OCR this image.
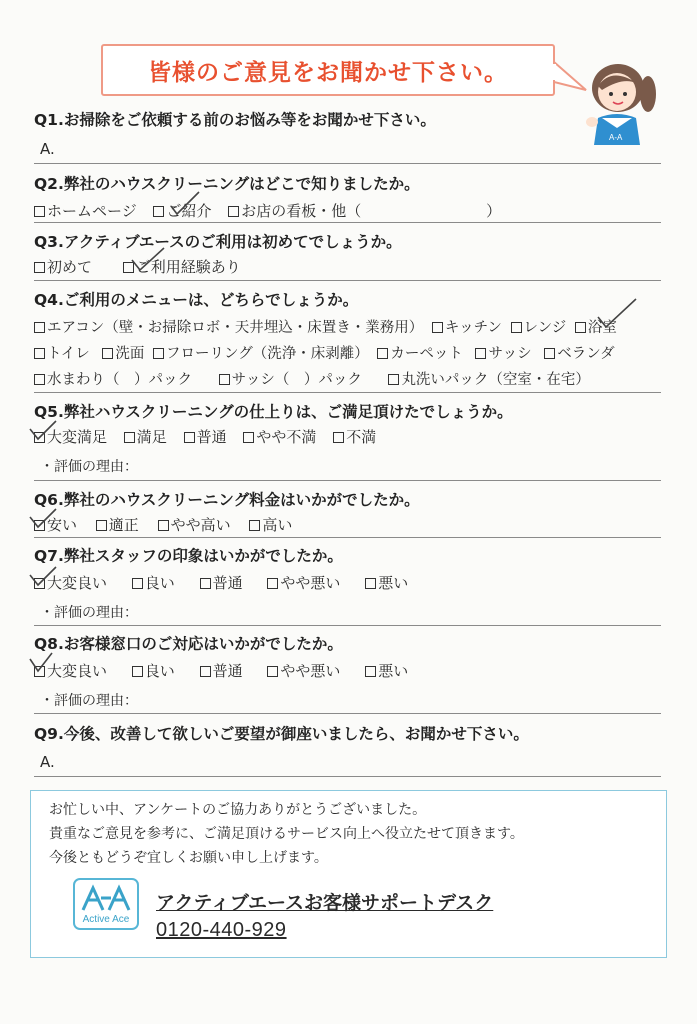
皆様のご意見をお聞かせ下さい。
A-A
Q1.お掃除をご依頼する前のお悩み等をお聞かせ下さい。
A.
Q2.弊社のハウスクリーニングはどこで知りましたか。
ホームページ ご紹介 お店の看板・他（	）
Q3.アクティブエースのご利用は初めてでしょうか。
初めて	ご利用経験あり
Q4.ご利用のメニューは、どちらでしょうか。
エアコン（壁・お掃除ロボ・天井埋込・床置き・業務用） キッチン レンジ 浴室
トイレ 洗面 フローリング（洗浄・床剥離） カーペット サッシ ベランダ
水まわり（　）パック	サッシ（　）パック	丸洗いパック（空室・在宅）
Q5.弊社ハウスクリーニングの仕上りは、ご満足頂けたでしょうか。
大変満足 満足 普通 やや不満 不満
・評価の理由：
Q6.弊社のハウスクリーニング料金はいかがでしたか。
安い 適正 やや高い 高い
Q7.弊社スタッフの印象はいかがでしたか。
大変良い	良い	普通	やや悪い	悪い
・評価の理由：
Q8.お客様窓口のご対応はいかがでしたか。
大変良い	良い	普通	やや悪い	悪い
・評価の理由：
Q9.今後、改善して欲しいご要望が御座いましたら、お聞かせ下さい。
A.
お忙しい中、アンケートのご協力ありがとうございました。
貴重なご意見を参考に、ご満足頂けるサービス向上へ役立たせて頂きます。
今後ともどうぞ宜しくお願い申し上げます。
Active Ace
アクティブエースお客様サポートデスク
0120-440-929
